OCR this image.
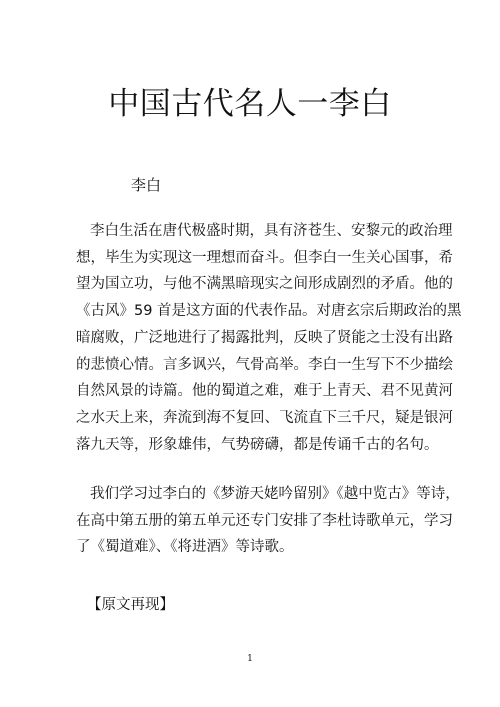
中国古代名人一李白

李白

李白生活在唐代极盛时期，具有济苍生、安黎元的政治理
想，毕生为实现这一理想而奋斗。但李白一生关心国事，希
望为国立功，与他不满黑暗现实之间形成剧烈的矛盾。他的
《古风》59 首是这方面的代表作品。对唐玄宗后期政治的黑
暗腐败，广泛地进行了揭露批判，反映了贤能之士没有出路
的悲愤心情。言多讽兴，气骨高举。李白一生写下不少描绘
自然风景的诗篇。他的蜀道之难，难于上青天、君不见黄河
之水天上来，奔流到海不复回、飞流直下三千尺，疑是银河
落九天等，形象雄伟，气势磅礴，都是传诵千古的名句。
我们学习过李白的《梦游天姥吟留别》《越中览古》等诗，
在高中第五册的第五单元还专门安排了李杜诗歌单元，学习
了《蜀道难》、《将进酒》等诗歌。

【原文再现】

1
